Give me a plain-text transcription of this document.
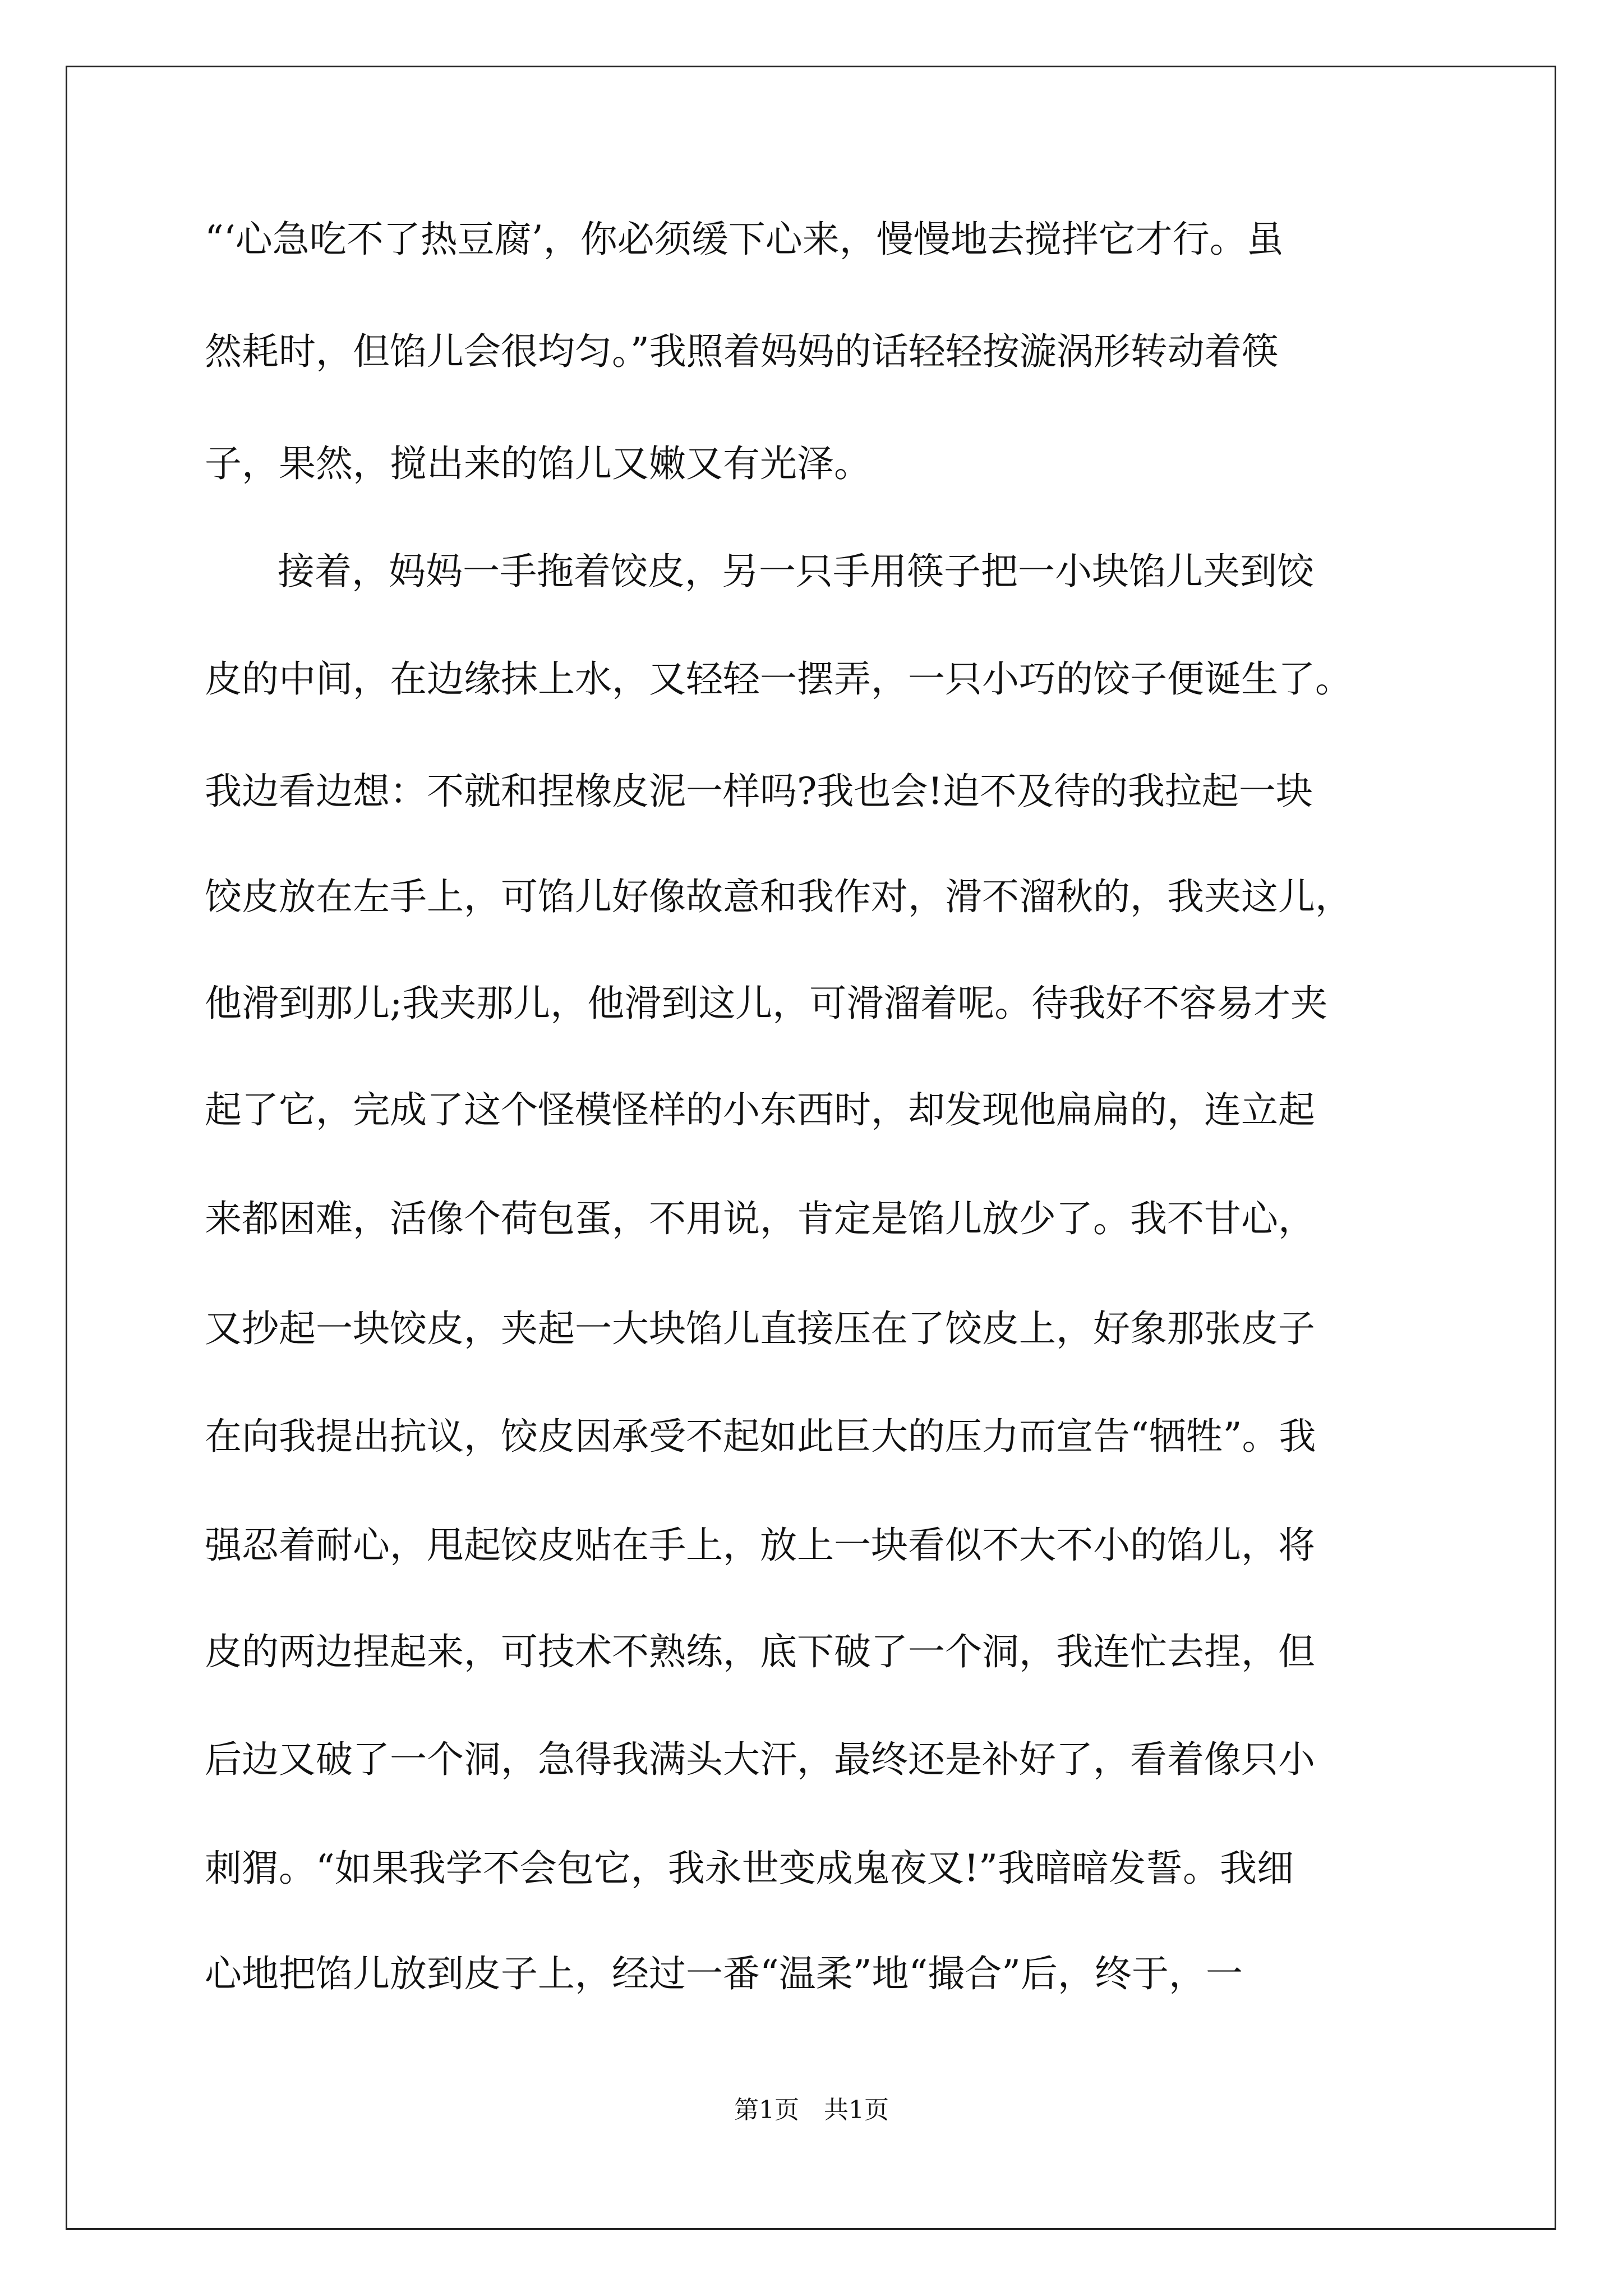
“‘心急吃不了热豆腐’，你必须缓下心来，慢慢地去搅拌它才行。虽
然耗时，但馅儿会很均匀。”我照着妈妈的话轻轻按漩涡形转动着筷
子，果然，搅出来的馅儿又嫩又有光泽。
接着，妈妈一手拖着饺皮，另一只手用筷子把一小块馅儿夹到饺
皮的中间，在边缘抹上水，又轻轻一摆弄，一只小巧的饺子便诞生了。
我边看边想：不就和捏橡皮泥一样吗?我也会!迫不及待的我拉起一块
饺皮放在左手上，可馅儿好像故意和我作对，滑不溜秋的，我夹这儿，
他滑到那儿;我夹那儿，他滑到这儿，可滑溜着呢。待我好不容易才夹
起了它，完成了这个怪模怪样的小东西时，却发现他扁扁的，连立起
来都困难，活像个荷包蛋，不用说，肯定是馅儿放少了。我不甘心，
又抄起一块饺皮，夹起一大块馅儿直接压在了饺皮上，好象那张皮子
在向我提出抗议，饺皮因承受不起如此巨大的压力而宣告“牺牲”。我
强忍着耐心，甩起饺皮贴在手上，放上一块看似不大不小的馅儿，将
皮的两边捏起来，可技术不熟练，底下破了一个洞，我连忙去捏，但
后边又破了一个洞，急得我满头大汗，最终还是补好了，看着像只小
刺猬。“如果我学不会包它，我永世变成鬼夜叉!”我暗暗发誓。我细
心地把馅儿放到皮子上，经过一番“温柔”地“撮合”后，终于，一
第1页　共1页
